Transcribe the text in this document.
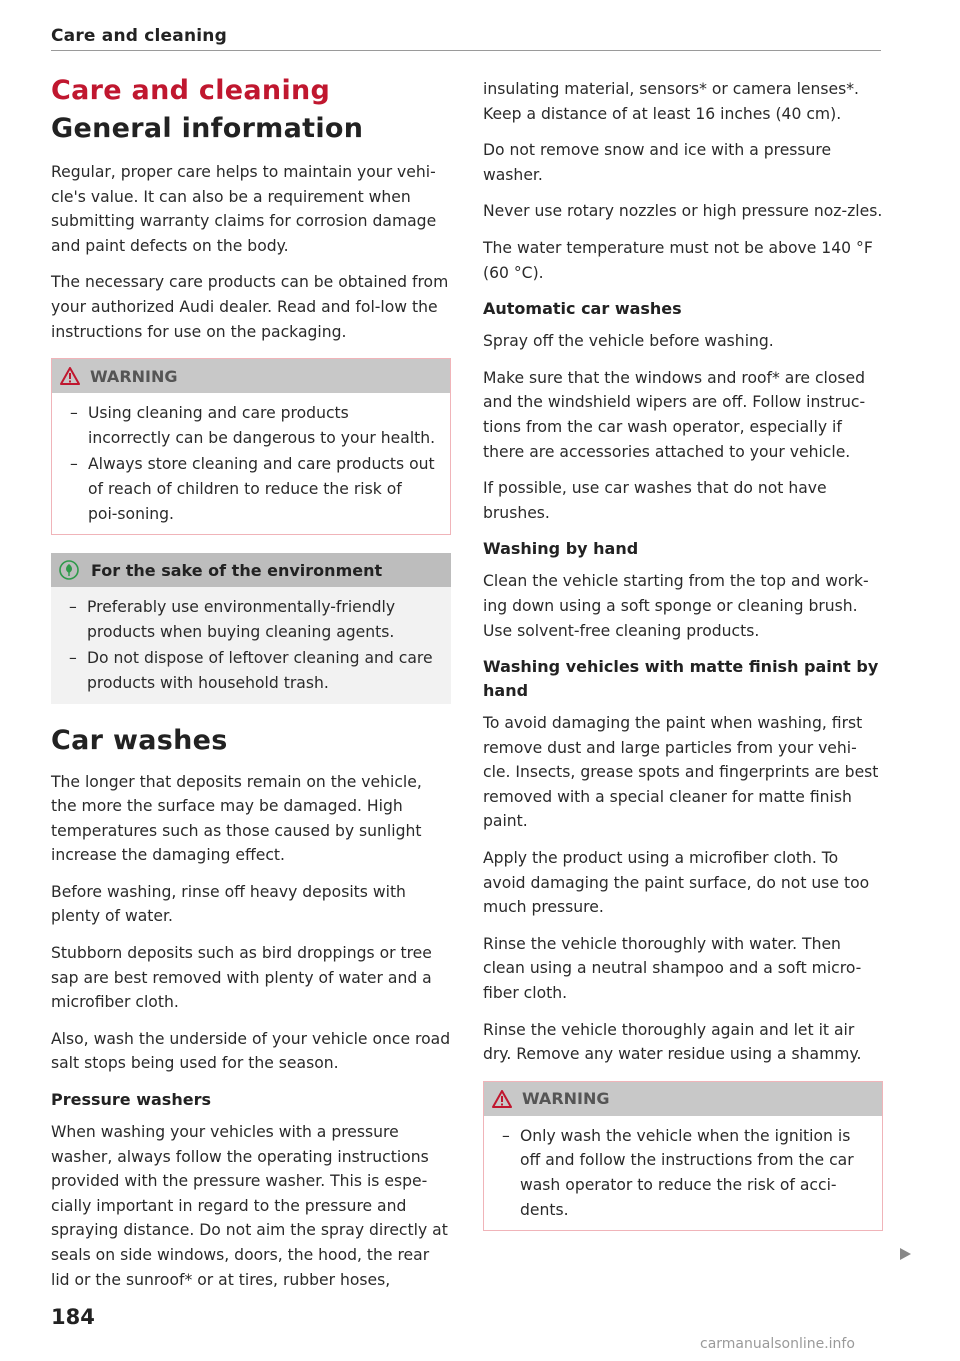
Care and cleaning
Care and cleaning
General information

Regular, proper care helps to maintain your vehi-cle's value. It can also be a requirement when submitting warranty claims for corrosion damage and paint defects on the body.

The necessary care products can be obtained from your authorized Audi dealer. Read and fol-low the instructions for use on the packaging.

WARNING
– Using cleaning and care products incorrectly can be dangerous to your health.
– Always store cleaning and care products out of reach of children to reduce the risk of poi-soning.
For the sake of the environment
– Preferably use environmentally-friendly products when buying cleaning agents.
– Do not dispose of leftover cleaning and care products with household trash.
Car washes

The longer that deposits remain on the vehicle, the more the surface may be damaged. High temperatures such as those caused by sunlight increase the damaging effect.

Before washing, rinse off heavy deposits with plenty of water.

Stubborn deposits such as bird droppings or tree sap are best removed with plenty of water and a microfiber cloth.

Also, wash the underside of your vehicle once road salt stops being used for the season.

Pressure washers

When washing your vehicles with a pressure washer, always follow the operating instructions provided with the pressure washer. This is espe-cially important in regard to the pressure and spraying distance. Do not aim the spray directly at seals on side windows, doors, the hood, the rear lid or the sunroof* or at tires, rubber hoses,

insulating material, sensors* or camera lenses*. Keep a distance of at least 16 inches (40 cm).

Do not remove snow and ice with a pressure washer.

Never use rotary nozzles or high pressure noz-zles.

The water temperature must not be above 140 °F (60 °C).

Automatic car washes

Spray off the vehicle before washing.

Make sure that the windows and roof* are closed and the windshield wipers are off. Follow instruc-tions from the car wash operator, especially if there are accessories attached to your vehicle.

If possible, use car washes that do not have brushes.

Washing by hand

Clean the vehicle starting from the top and work-ing down using a soft sponge or cleaning brush. Use solvent-free cleaning products.

Washing vehicles with matte finish paint by hand

To avoid damaging the paint when washing, first remove dust and large particles from your vehi-cle. Insects, grease spots and fingerprints are best removed with a special cleaner for matte finish paint.

Apply the product using a microfiber cloth. To avoid damaging the paint surface, do not use too much pressure.

Rinse the vehicle thoroughly with water. Then clean using a neutral shampoo and a soft micro-fiber cloth.

Rinse the vehicle thoroughly again and let it air dry. Remove any water residue using a shammy.

WARNING
– Only wash the vehicle when the ignition is off and follow the instructions from the car wash operator to reduce the risk of acci-dents.
184
carmanualsonline.info
